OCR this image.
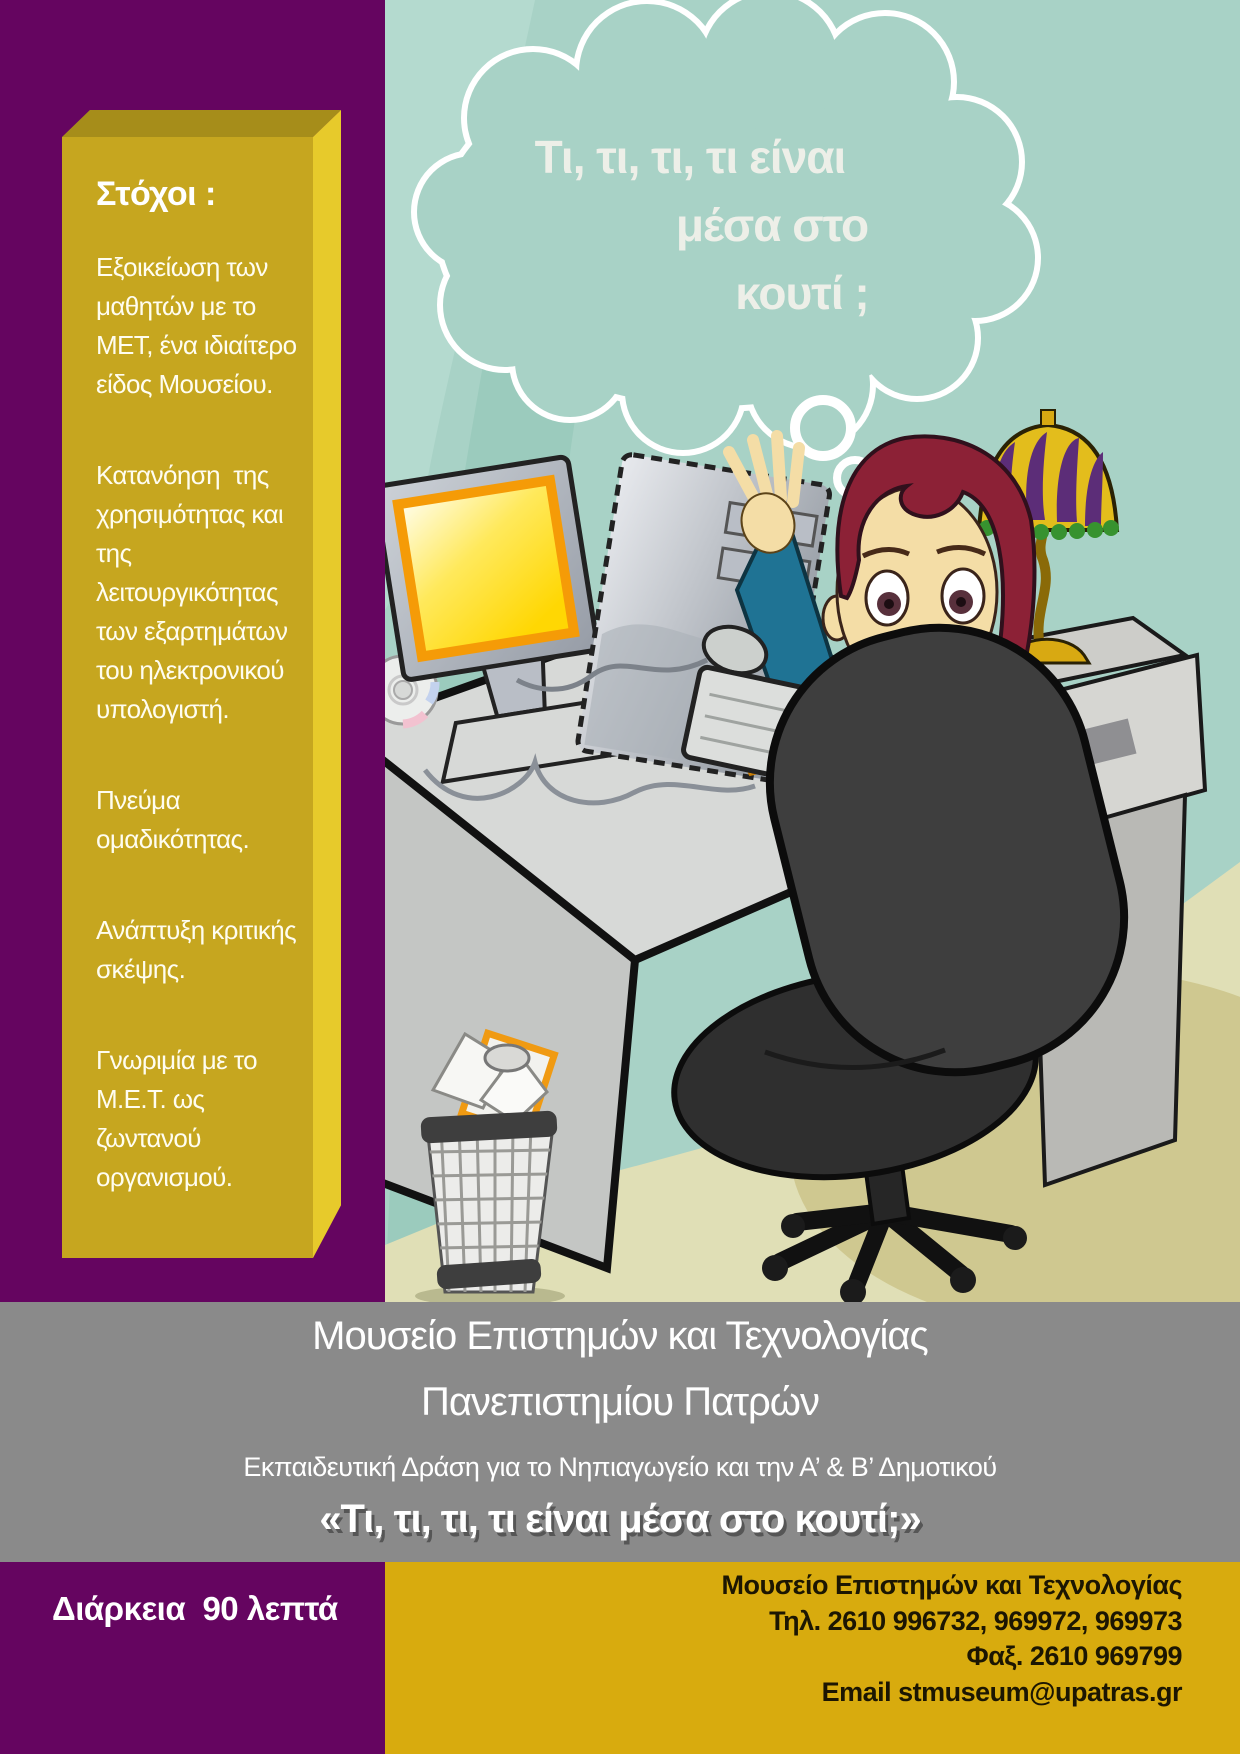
Στόχοι :

Εξοικείωση των μαθητών με το ΜΕΤ, ένα ιδιαίτερο είδος Μουσείου.

Κατανόηση  της χρησιμότητας και της λειτουργικότητας των εξαρτημάτων του ηλεκτρονικού υπολογιστή.

Πνεύμα ομαδικότητας.

Ανάπτυξη κριτικής σκέψης.

Γνωριμία με το Μ.Ε.Τ. ως ζωντανού οργανισμού.

Τι, τι, τι, τι είναι
μέσα στο
κουτί ;
Μουσείο Επιστημών και Τεχνολογίας
Πανεπιστημίου Πατρών
Εκπαιδευτική Δράση για το Νηπιαγωγείο και την Α’ & Β’ Δημοτικού
«Τι, τι, τι, τι είναι μέσα στο κουτί;»
Διάρκεια  90 λεπτά
Μουσείο Επιστημών και Τεχνολογίας
Τηλ. 2610 996732, 969972, 969973
Φαξ. 2610 969799
Email stmuseum@upatras.gr
